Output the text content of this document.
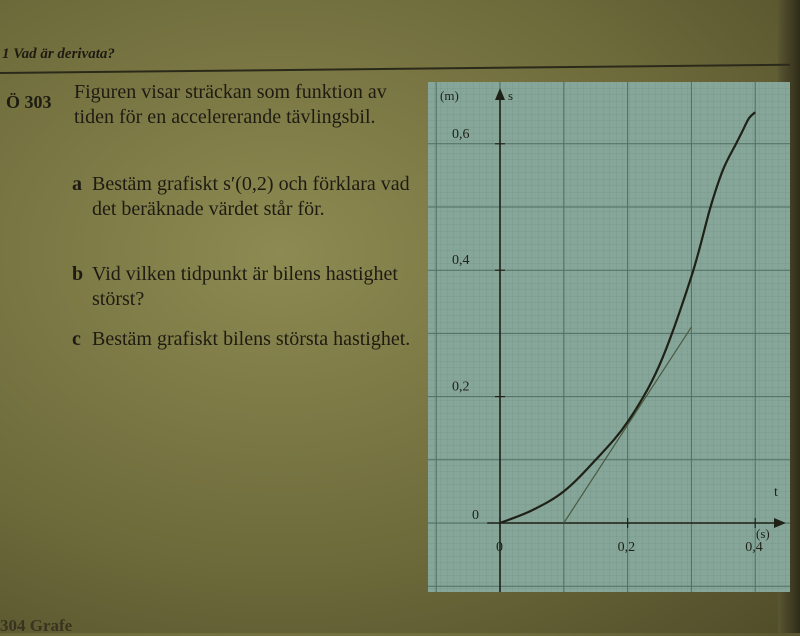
1 Vad är derivata?
Ö 303 Figuren visar sträckan som funktion av tiden för en accelererande tävlingsbil.
a Bestäm grafiskt s′(0,2) och förklara vad det beräknade värdet står för.
b Vid vilken tidpunkt är bilens hastighet störst?
c Bestäm grafiskt bilens största hastighet.
304 Grafe
0	0,2	0,4
0
0,2
0,4
0,6
(m)	s
t
(s)
